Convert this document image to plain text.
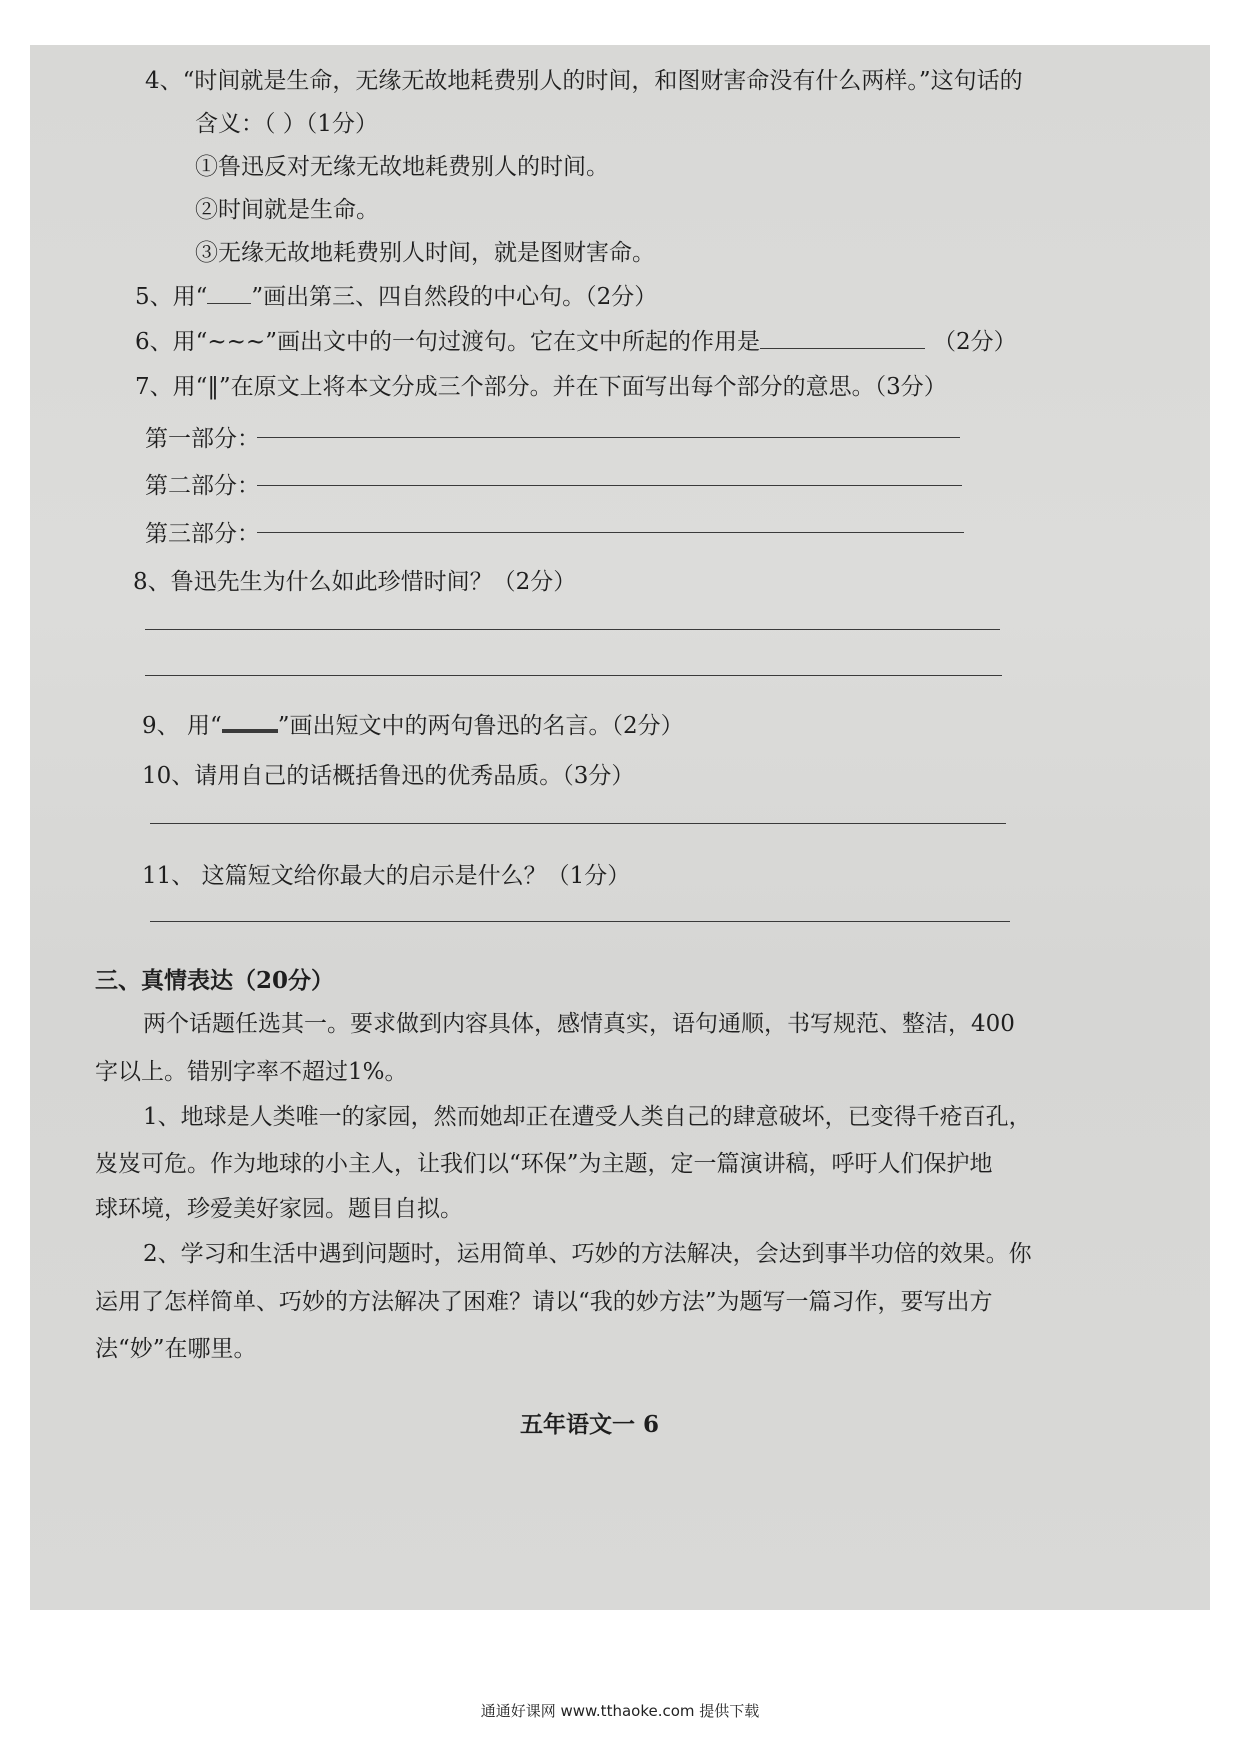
4、“时间就是生命，无缘无故地耗费别人的时间，和图财害命没有什么两样。”这句话的
含义：（ ）（1分）
①鲁迅反对无缘无故地耗费别人的时间。
②时间就是生命。
③无缘无故地耗费别人时间，就是图财害命。
5、用“ ”画出第三、四自然段的中心句。（2分）
6、用“~~~”画出文中的一句过渡句。它在文中所起的作用是	（2分）
7、用“‖”在原文上将本文分成三个部分。并在下面写出每个部分的意思。（3分）
第一部分：
第二部分：
第三部分：
8、鲁迅先生为什么如此珍惜时间？（2分）
9、 用“ ”画出短文中的两句鲁迅的名言。（2分）
10、请用自己的话概括鲁迅的优秀品质。（3分）
11、 这篇短文给你最大的启示是什么？（1分）
三、真情表达（20分）
两个话题任选其一。要求做到内容具体，感情真实，语句通顺，书写规范、整洁，400
字以上。错别字率不超过1%。
1、地球是人类唯一的家园，然而她却正在遭受人类自己的肆意破坏，已变得千疮百孔，
岌岌可危。作为地球的小主人，让我们以“环保”为主题，定一篇演讲稿，呼吁人们保护地
球环境，珍爱美好家园。题目自拟。
2、学习和生活中遇到问题时，运用简单、巧妙的方法解决，会达到事半功倍的效果。你
运用了怎样简单、巧妙的方法解决了困难？请以“我的妙方法”为题写一篇习作，要写出方
法“妙”在哪里。
五年语文一 6
通通好课网 www.tthaoke.com 提供下载
